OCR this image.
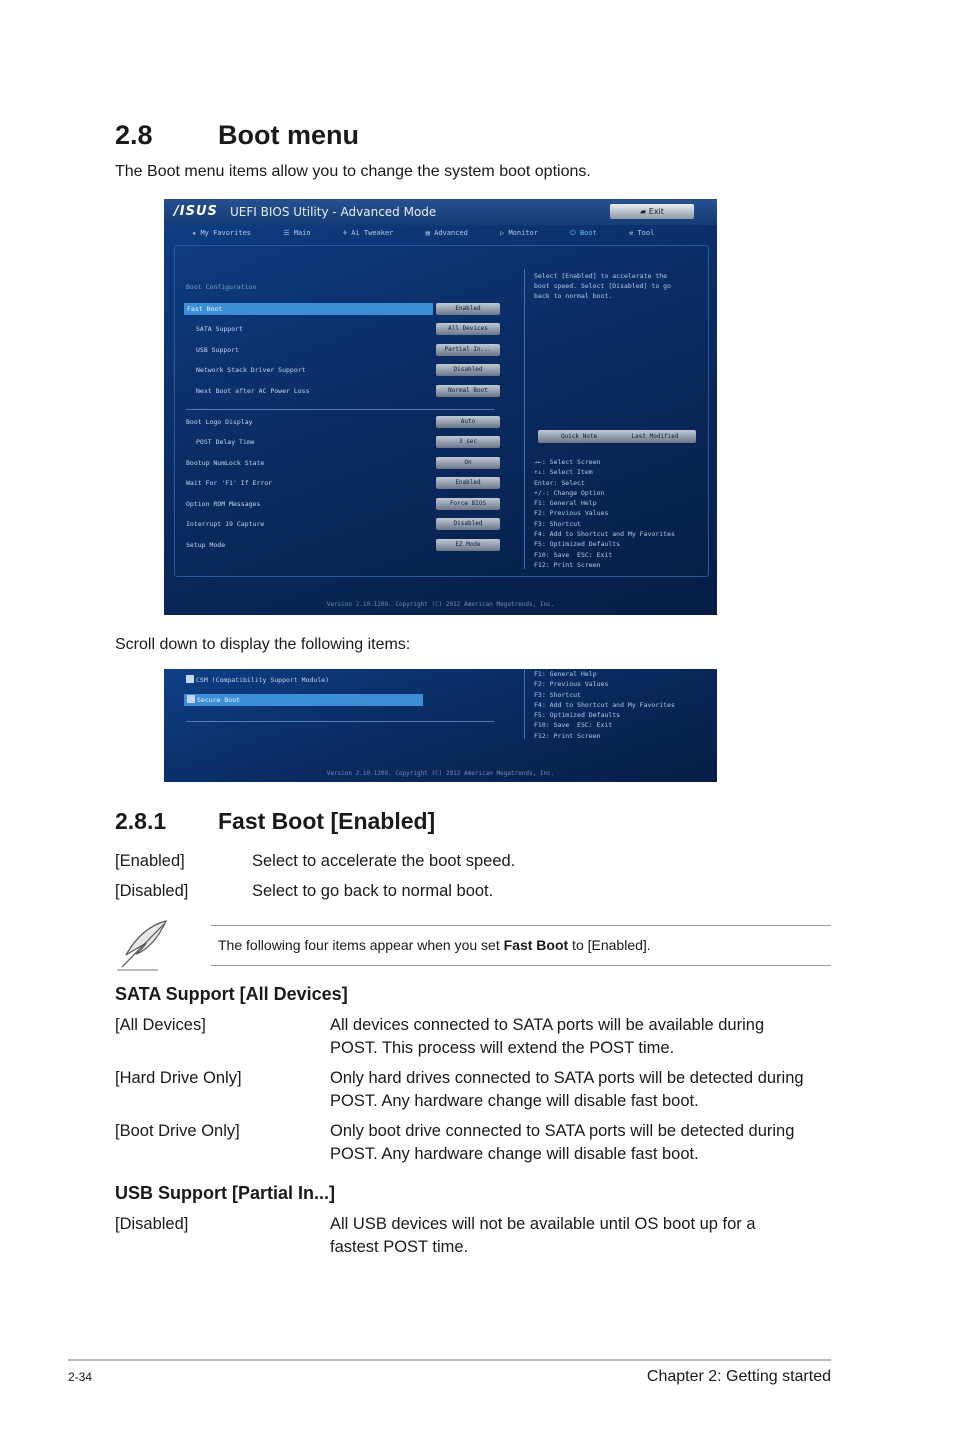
2.8 Boot menu
The Boot menu items allow you to change the system boot options.
/ISUS UEFI BIOS Utility - Advanced Mode	▰ Exit
★ My Favorites	☰ Main	⚘ Ai Tweaker	▤ Advanced	▷ Monitor	⏻ Boot	⚒ Tool
Boot Configuration
Fast Boot	Enabled
SATA Support	All Devices
USB Support	Partial In...
Network Stack Driver Support	Disabled
Next Boot after AC Power Loss	Normal Boot
Boot Logo Display	Auto
POST Delay Time	3 sec
Bootup NumLock State	On
Wait For 'F1' If Error	Enabled
Option ROM Messages	Force BIOS
Interrupt 19 Capture	Disabled
Setup Mode	EZ Mode
Select [Enabled] to accelerate the
boot speed. Select [Disabled] to go
back to normal boot.
Quick Note	Last Modified
→←: Select Screen
↑↓: Select Item
Enter: Select
+/-: Change Option
F1: General Help
F2: Previous Values
F3: Shortcut
F4: Add to Shortcut and My Favorites
F5: Optimized Defaults
F10: Save  ESC: Exit
F12: Print Screen
Version 2.10.1208. Copyright (C) 2012 American Megatrends, Inc.
Scroll down to display the following items:
CSM (Compatibility Support Module)
Secure Boot
F1: General Help
F2: Previous Values
F3: Shortcut
F4: Add to Shortcut and My Favorites
F5: Optimized Defaults
F10: Save  ESC: Exit
F12: Print Screen
Version 2.10.1208. Copyright (C) 2012 American Megatrends, Inc.
2.8.1 Fast Boot [Enabled]
[Enabled]	Select to accelerate the boot speed.
[Disabled]	Select to go back to normal boot.
The following four items appear when you set Fast Boot to [Enabled].
SATA Support [All Devices]
[All Devices]	All devices connected to SATA ports will be available during
POST. This process will extend the POST time.
[Hard Drive Only]	Only hard drives connected to SATA ports will be detected during
POST. Any hardware change will disable fast boot.
[Boot Drive Only]	Only boot drive connected to SATA ports will be detected during
POST. Any hardware change will disable fast boot.
USB Support [Partial In...]
[Disabled]	All USB devices will not be available until OS boot up for a
fastest POST time.
2-34	Chapter 2: Getting started
